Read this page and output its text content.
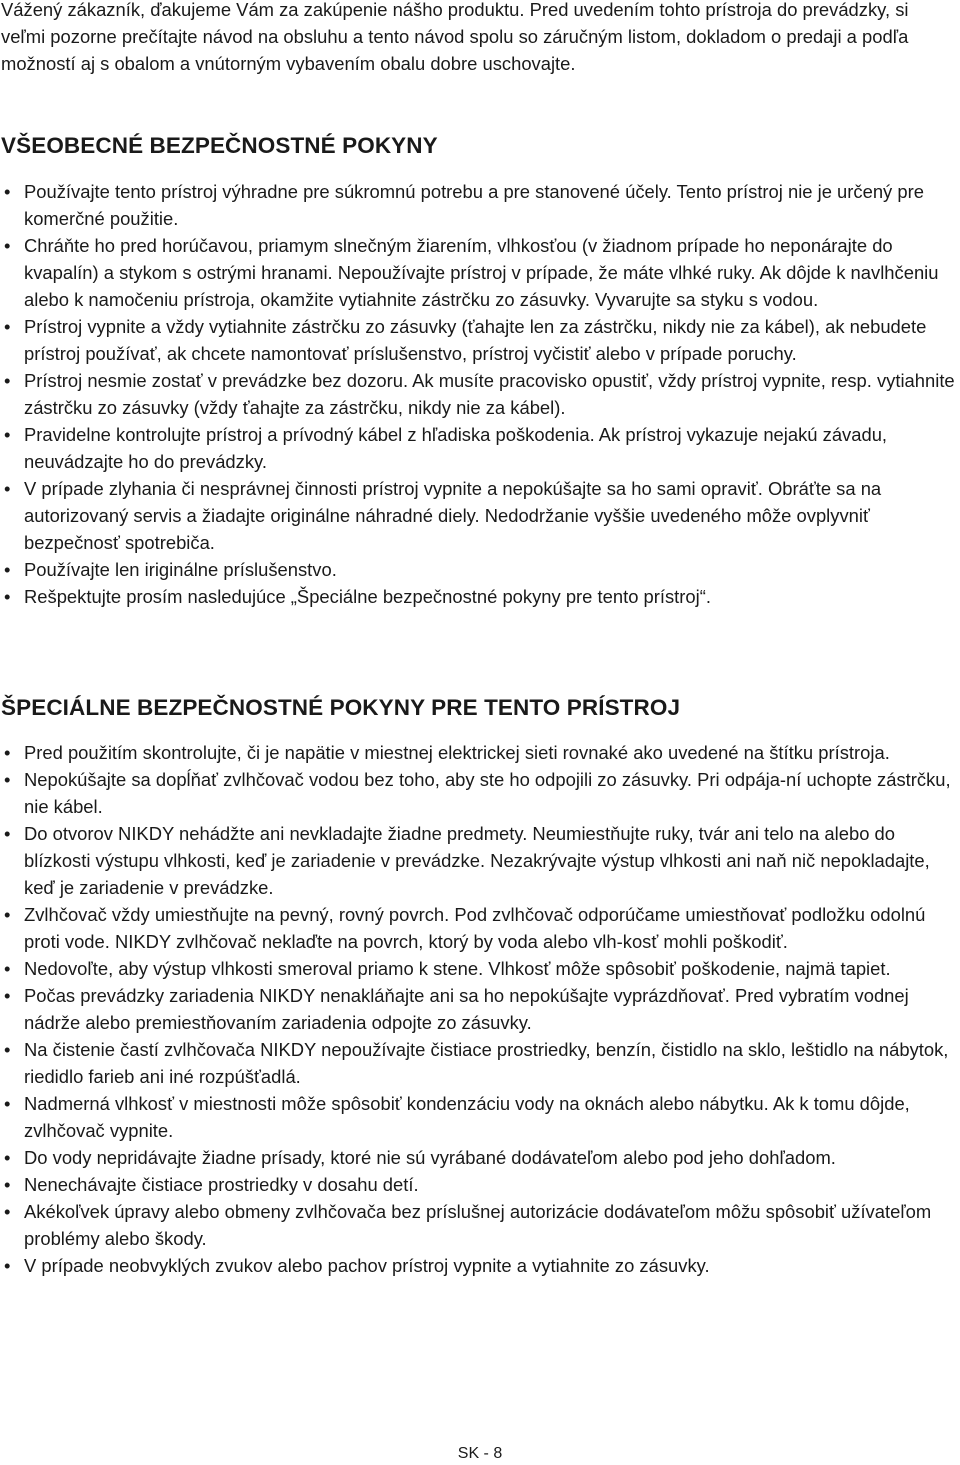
Vážený zákazník, ďakujeme Vám za zakúpenie nášho produktu. Pred uvedením tohto prístroja do prevádzky, si veľmi pozorne prečítajte návod na obsluhu a tento návod spolu so záručným listom, dokladom o predaji a podľa možností aj s obalom a vnútorným vybavením obalu dobre uschovajte.

VŠEOBECNÉ BEZPEČNOSTNÉ POKYNY
• Používajte tento prístroj výhradne pre súkromnú potrebu a pre stanovené účely. Tento prístroj nie je určený pre komerčné použitie.
• Chráňte ho pred horúčavou, priamym slnečným žiarením, vlhkosťou (v žiadnom prípade ho neponárajte do kvapalín) a stykom s ostrými hranami. Nepoužívajte prístroj v prípade, že máte vlhké ruky. Ak dôjde k navlhčeniu alebo k namočeniu prístroja, okamžite vytiahnite zástrčku zo zásuvky. Vyvarujte sa styku s vodou.
• Prístroj vypnite a vždy vytiahnite zástrčku zo zásuvky (ťahajte len za zástrčku, nikdy nie za kábel), ak nebudete prístroj používať, ak chcete namontovať príslušenstvo, prístroj vyčistiť alebo v prípade poruchy.
• Prístroj nesmie zostať v prevádzke bez dozoru. Ak musíte pracovisko opustiť, vždy prístroj vypnite, resp. vytiahnite zástrčku zo zásuvky (vždy ťahajte za zástrčku, nikdy nie za kábel).
• Pravidelne kontrolujte prístroj a prívodný kábel z hľadiska poškodenia. Ak prístroj vykazuje nejakú závadu, neuvádzajte ho do prevádzky.
• V prípade zlyhania či nesprávnej činnosti prístroj vypnite a nepokúšajte sa ho sami opraviť. Obráťte sa na autorizovaný servis a žiadajte originálne náhradné diely. Nedodržanie vyššie uvedeného môže ovplyvniť bezpečnosť spotrebiča.
• Používajte len iriginálne príslušenstvo.
• Rešpektujte prosím nasledujúce „Špeciálne bezpečnostné pokyny pre tento prístroj“.
ŠPECIÁLNE BEZPEČNOSTNÉ POKYNY PRE TENTO PRÍSTROJ
• Pred použitím skontrolujte, či je napätie v miestnej elektrickej sieti rovnaké ako uvedené na štítku prístroja.
• Nepokúšajte sa dopĺňať zvlhčovač vodou bez toho, aby ste ho odpojili zo zásuvky. Pri odpája-ní uchopte zástrčku, nie kábel.
• Do otvorov NIKDY nehádžte ani nevkladajte žiadne predmety. Neumiestňujte ruky, tvár ani telo na alebo do blízkosti výstupu vlhkosti, keď je zariadenie v prevádzke. Nezakrývajte výstup vlhkosti ani naň nič nepokladajte, keď je zariadenie v prevádzke.
• Zvlhčovač vždy umiestňujte na pevný, rovný povrch. Pod zvlhčovač odporúčame umiestňovať podložku odolnú proti vode. NIKDY zvlhčovač neklaďte na povrch, ktorý by voda alebo vlh-kosť mohli poškodiť.
• Nedovoľte, aby výstup vlhkosti smeroval priamo k stene. Vlhkosť môže spôsobiť poškodenie, najmä tapiet.
• Počas prevádzky zariadenia NIKDY nenakláňajte ani sa ho nepokúšajte vyprázdňovať. Pred vybratím vodnej nádrže alebo premiestňovaním zariadenia odpojte zo zásuvky.
• Na čistenie častí zvlhčovača NIKDY nepoužívajte čistiace prostriedky, benzín, čistidlo na sklo, leštidlo na nábytok, riedidlo farieb ani iné rozpúšťadlá.
• Nadmerná vlhkosť v miestnosti môže spôsobiť kondenzáciu vody na oknách alebo nábytku. Ak k tomu dôjde, zvlhčovač vypnite.
• Do vody nepridávajte žiadne prísady, ktoré nie sú vyrábané dodávateľom alebo pod jeho dohľadom.
• Nenechávajte čistiace prostriedky v dosahu detí.
• Akékoľvek úpravy alebo obmeny zvlhčovača bez príslušnej autorizácie dodávateľom môžu spôsobiť užívateľom problémy alebo škody.
• V prípade neobvyklých zvukov alebo pachov prístroj vypnite a vytiahnite zo zásuvky.
SK - 8
